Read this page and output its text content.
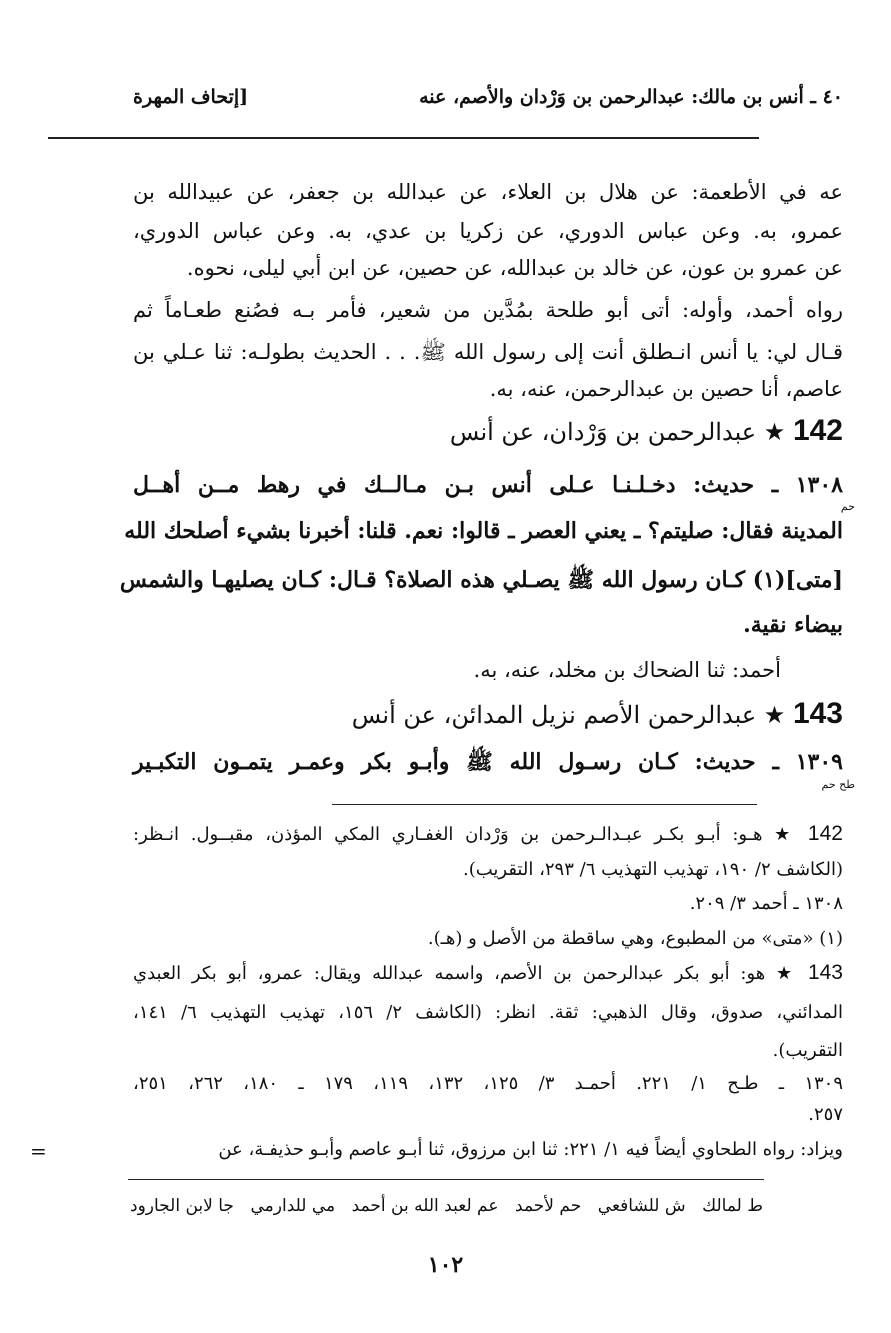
٤٠ ـ أنس بن مالك: عبدالرحمن بن وَرْدان والأصم، عنه
[إتحاف المهرة
عه في الأطعمة: عن هلال بن العلاء، عن عبدالله بن جعفر، عن عبيدالله بن
عمرو، به. وعن عباس الدوري، عن زكريا بن عدي، به. وعن عباس الدوري،
عن عمرو بن عون، عن خالد بن عبدالله، عن حصين، عن ابن أبي ليلى، نحوه.
رواه أحمد، وأوله: أتى أبو طلحة بمُدَّين من شعير، فأمر بـه فصُنع طعـاماً ثم
قـال لي: يا أنس انـطلق أنت إلى رسول الله ﷺ. . . الحديث بطولـه: ثنا عـلي بن
عاصم، أنا حصين بن عبدالرحمن، عنه، به.
142 ★ عبدالرحمن بن وَرْدان، عن أنس
١٣٠٨ ـ حديث: دخـلـنـا عـلى أنس بـن مـالــك في رهط مــن أهــل
حم
المدينة فقال: صليتم؟ ـ يعني العصر ـ قالوا: نعم. قلنا: أخبرنا بشيء أصلحك الله
[متى](١) كـان رسول الله ﷺ يصـلي هذه الصلاة؟ قـال: كـان يصليهـا والشمس
بيضاء نقية.
أحمد: ثنا الضحاك بن مخلد، عنه، به.
143 ★ عبدالرحمن الأصم نزيل المدائن، عن أنس
١٣٠٩ ـ حديث: كـان رسـول الله ﷺ وأبـو بكر وعمـر يتمـون التكبـير
طح حم
142 ★ هـو: أبـو بكـر عبـدالـرحمن بن وَرْدان الغفـاري المكي المؤذن، مقبــول. انـظر:
(الكاشف ٢/ ١٩٠، تهذيب التهذيب ٦/ ٢٩٣، التقريب).
١٣٠٨ ـ أحمد ٣/ ٢٠٩.
(١) «متى» من المطبوع، وهي ساقطة من الأصل و (هـ).
143 ★ هو: أبو بكر عبدالرحمن بن الأصم، واسمه عبدالله ويقال: عمرو، أبو بكر العبدي
المدائني، صدوق، وقال الذهبي: ثقة. انظر: (الكاشف ٢/ ١٥٦، تهذيب التهذيب ٦/ ١٤١،
التقريب).
١٣٠٩ ـ طـح ١/ ٢٢١. أحمـد ٣/ ١٢٥، ١٣٢، ١١٩، ١٧٩ ـ ١٨٠، ٢٦٢، ٢٥١،
٢٥٧.
ويزاد: رواه الطحاوي أيضاً فيه ١/ ٢٢١: ثنا ابن مرزوق، ثنا أبـو عاصم وأبـو حذيفـة، عن
=
ط لمالك
ش للشافعي
حم لأحمد
عم لعبد الله بن أحمد
مي للدارمي
جا لابن الجارود
١٠٢
